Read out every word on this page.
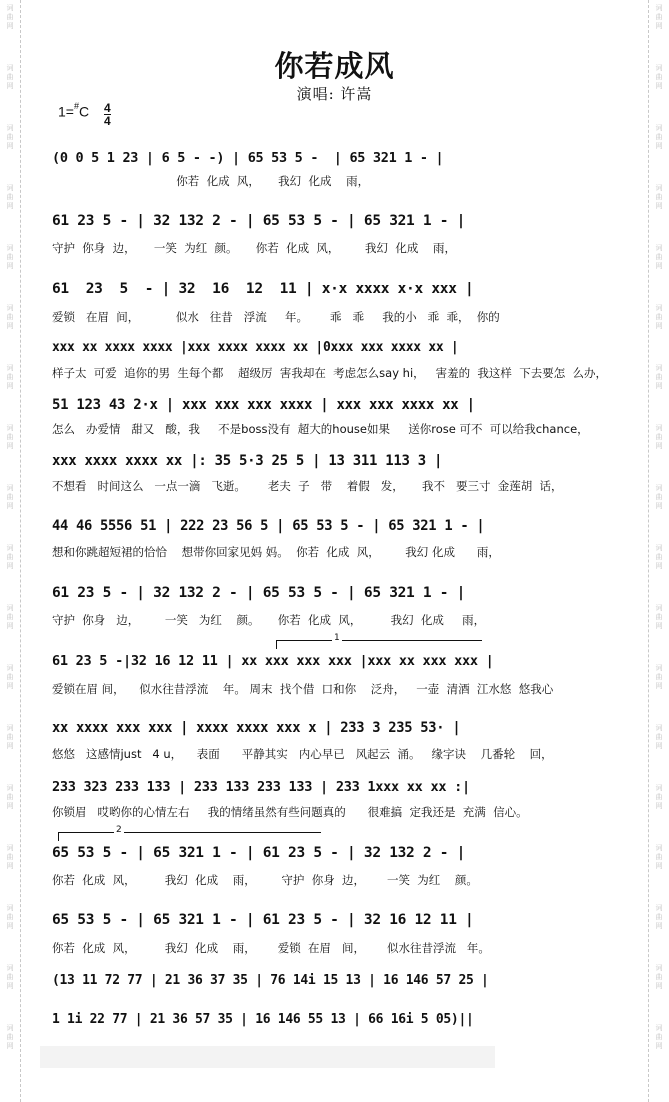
词
曲
网
词
曲
网
词
曲
网
词
曲
网
词
曲
网
词
曲
网
词
曲
网
词
曲
网
词
曲
网
词
曲
网
词
曲
网
词
曲
网
词
曲
网
词
曲
网
词
曲
网
词
曲
网
词
曲
网
词
曲
网
词
曲
网
词
曲
网
词
曲
网
词
曲
网
词
曲
网
词
曲
网
词
曲
网
词
曲
网
词
曲
网
词
曲
网
词
曲
网
词
曲
网
词
曲
网
词
曲
网
词
曲
网
词
曲
网
词
曲
网
词
曲
网
你若成风
演唱: 许嵩
1=#C 4
4
(0 0 5 1 23 | 6 5 - -) | 65 53 5 -  | 65 321 1 - |
你若  化成  风，     我幻  化成    雨，
61 23 5 - | 32 132 2 - | 65 53 5 - | 65 321 1 - |
守护  你身  边，     一笑  为红  颜。     你若  化成  风，       我幻  化成    雨，
61  23  5  - | 32  16  12  11 | x·x xxxx x·x xxx |
爱锁   在眉  间，          似水   往昔   浮流     年。      乖   乖     我的小   乖  乖，  你的
xxx xx xxxx xxxx |xxx xxxx xxxx xx |0xxx xxx xxxx xx |
样子太  可爱  追你的男  生每个都    超级厉  害我却在  考虑怎么say hi，   害羞的  我这样  下去要怎  么办，
51 123 43 2·x | xxx xxx xxx xxxx | xxx xxx xxxx xx |
怎么   办爱情   甜又   酸，我     不是boss没有  超大的house如果     送你rose 可不  可以给我chance，
xxx xxxx xxxx xx |: 35 5·3 25 5 | 13 311 113 3 |
不想看   时间这么   一点一滴   飞逝。      老夫  子   带    着假   发，     我不   要三寸  金莲胡  话，
44 46 5556 51 | 222 23 56 5 | 65 53 5 - | 65 321 1 - |
想和你跳超短裙的恰恰    想带你回家见妈 妈。  你若  化成  风，       我幻 化成      雨，
61 23 5 - | 32 132 2 - | 65 53 5 - | 65 321 1 - |
守护  你身   边，       一笑   为红    颜。     你若  化成  风，        我幻  化成     雨，
1
61 23 5 -|32 16 12 11 | xx xxx xxx xxx |xxx xx xxx xxx |
爱锁在眉 间，    似水往昔浮流    年。 周末  找个借  口和你    泛舟，   一壶  清酒  江水悠  悠我心
xx xxxx xxx xxx | xxxx xxxx xxx x | 233 3 235 53· |
悠悠   这感情just   4 u，    表面      平静其实   内心早已   风起云  涌。   缘字诀    几番轮    回，
233 323 233 133 | 233 133 233 133 | 233 1xxx xx xx :|
你锁眉   哎哟你的心情左右     我的情绪虽然有些问题真的      很难搞  定我还是  充满  信心。
2
65 53 5 - | 65 321 1 - | 61 23 5 - | 32 132 2 - |
你若  化成  风，        我幻  化成    雨，       守护  你身  边，      一笑  为红    颜。
65 53 5 - | 65 321 1 - | 61 23 5 - | 32 16 12 11 |
你若  化成  风，        我幻  化成    雨，      爱锁  在眉   间，      似水往昔浮流   年。
(13 11 72 77 | 21 36 37 35 | 76 14i 15 13 | 16 146 57 25 |
1 1i 22 77 | 21 36 57 35 | 16 146 55 13 | 66 16i 5 05)||
